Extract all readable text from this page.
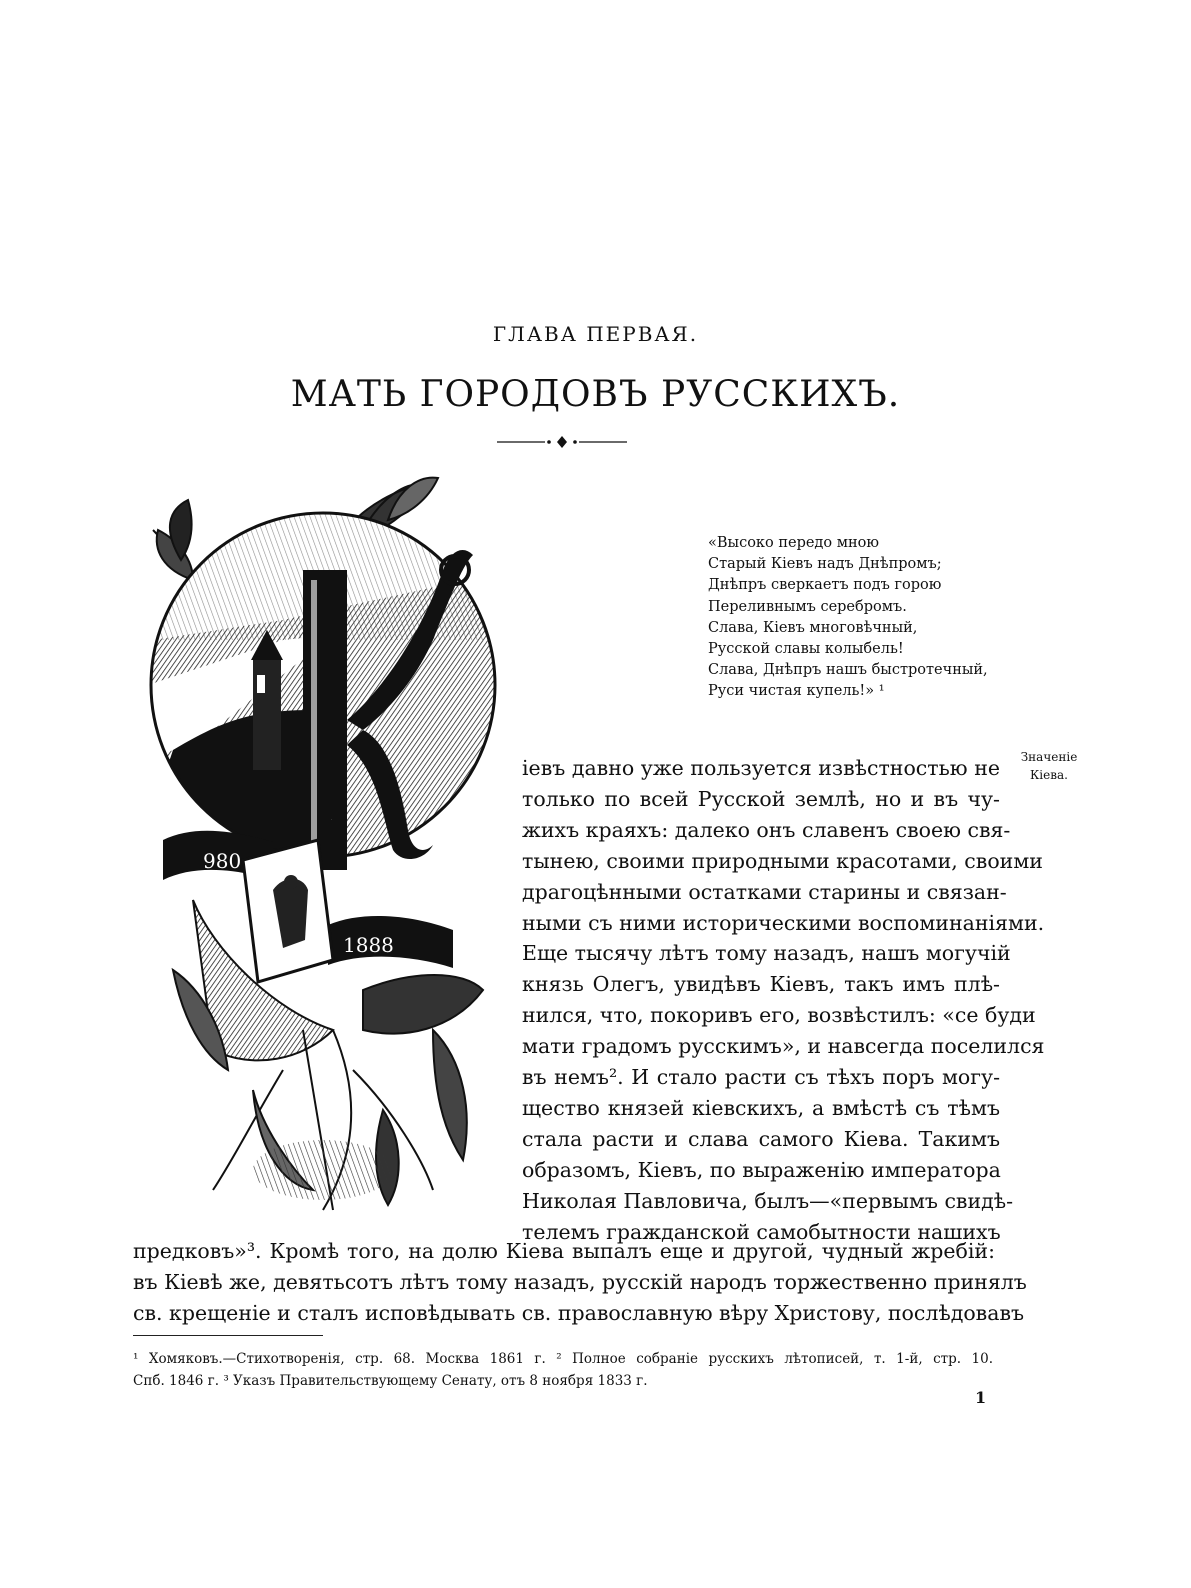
ГЛАВА ПЕРВАЯ.
МАТЬ ГОРОДОВЪ РУССКИХЪ.
К
980
1888
«Высоко передо мною
Старый Кіевъ надъ Днѣпромъ;
Днѣпръ сверкаетъ подъ горою
Переливнымъ серебромъ.
Слава, Кіевъ многовѣчный,
Русской славы колыбель!
Слава, Днѣпръ нашъ быстротечный,
Руси чистая купель!» ¹
Значеніе
Кіева.
іевъ давно уже пользуется извѣстностью не
только по всей Русской землѣ, но и въ чу-
жихъ краяхъ: далеко онъ славенъ своею свя-
тынею, своими природными красотами, своими
драгоцѣнными остатками старины и связан-
ными съ ними историческими воспоминаніями.
Еще тысячу лѣтъ тому назадъ, нашъ могучій
князь Олегъ, увидѣвъ Кіевъ, такъ имъ плѣ-
нился, что, покоривъ его, возвѣстилъ: «се буди
мати градомъ русскимъ», и навсегда поселился
въ немъ². И стало расти съ тѣхъ поръ могу-
щество князей кіевскихъ, а вмѣстѣ съ тѣмъ
стала расти и слава самого Кіева. Такимъ
образомъ, Кіевъ, по выраженію императора
Николая Павловича, былъ—«первымъ свидѣ-
телемъ гражданской самобытности нашихъ
предковъ»³. Кромѣ того, на долю Кіева выпалъ еще и другой, чудный жребій:
въ Кіевѣ же, девятьсотъ лѣтъ тому назадъ, русскій народъ торжественно принялъ
св. крещеніе и сталъ исповѣдывать св. православную вѣру Христову, послѣдовавъ
¹ Хомяковъ.—Стихотворенія, стр. 68. Москва 1861 г. ² Полное собраніе русскихъ лѣтописей, т. 1-й, стр. 10.
Спб. 1846 г. ³ Указъ Правительствующему Сенату, отъ 8 ноября 1833 г.
1
